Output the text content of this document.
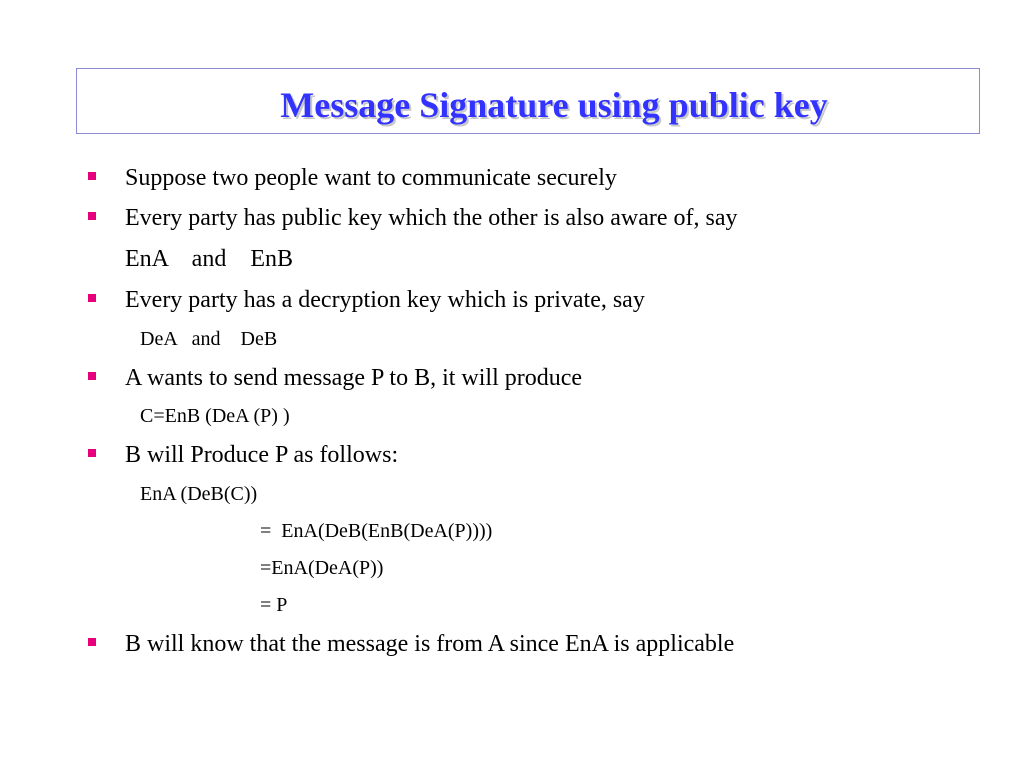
Message Signature using public key
Suppose two people want to communicate securely
Every party has public key which the other is also aware of, say
EnA    and    EnB
Every party has a decryption key which is private, say
DeA   and    DeB
A wants to send message P to B, it will produce
C=EnB (DeA (P) )
B will Produce P as follows:
EnA (DeB(C))
=  EnA(DeB(EnB(DeA(P))))
=EnA(DeA(P))
= P
B will know that the message is from A since EnA is applicable
